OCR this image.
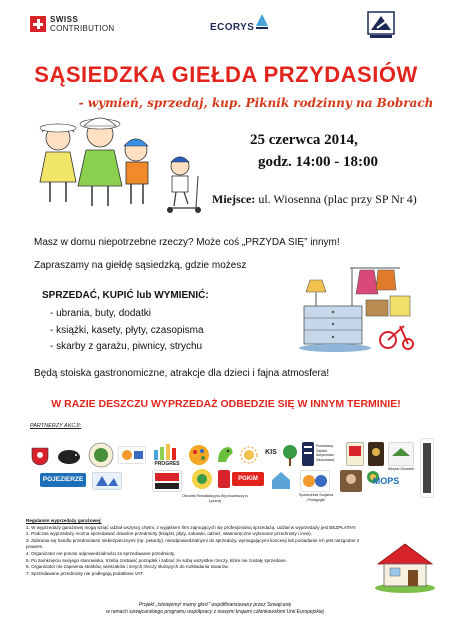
SWISS
CONTRIBUTION	ECORYS
SĄSIEDZKA GIEŁDA PRZYDASIÓW
- wymień, sprzedaj, kup. Piknik rodzinny na Bobrach
25 czerwca 2014,
godz. 14:00 - 18:00
Miejsce: ul. Wiosenna (plac przy SP Nr 4)
Masz w domu niepotrzebne rzeczy? Może coś „PRZYDA SIĘ” innym!
Zapraszamy na giełdę sąsiedzką, gdzie możesz
SPRZEDAĆ, KUPIĆ lub WYMIENIĆ:
- ubrania, buty, dodatki
- książki, kasety, płyty, czasopisma
- skarby z garażu, piwnicy, strychu
Będą stoiska gastronomiczne, atrakcje dla dzieci i fajna atmosfera!
W RAZIE DESZCZU WYPRZEDAŻ ODBEDZIE SIĘ W INNYM TERMINIE!
PARTNERZY AKCJI:
PROGRES
KIS
Powiatowy Zakład Aktywności Zawodowej
Wiejski Ośrodek
POJEZIERZE	PGKiM
Spółdzielnia Socjalna „Pedagogik”
MOPS
Ośrodek Rewalidacyjno-Wychowawczy w Łęcznej
Regulamin wyprzedaży garażowej:
1. W wyprzedaży garażowej mogą wziąć udział wszyscy chętni, z wyjątkiem firm zajmujących się profesjonalną sprzedażą. Udział w wyprzedaży jest BEZPŁATNY.
2. Podczas wyprzedaży można sprzedawać dowolne przedmioty (książki, płyty, zabawki, odzież, własnoręczne wykonane przedmioty i inne).
3. Zabrania się handlu przedmiotami niebezpiecznymi (np. petardy), nieodpowiedzialnymi do sprzedaży, wymagającymi koncesji lub posiadanie ich jest niezgodne z prawem.
4. Organizator nie ponosi odpowiedzialności za sprzedawane przedmioty.
5. Po zamknięciu swojego stanowiska, trzeba zostawić porządek i zabrać ze sobą wszystkie rzeczy, które nie zostały sprzedane.
6. Organizator nie zapewnia stolików, wieszaków i innych rzeczy służących do rozkładania towarów.
7. Sprzedawane przedmioty nie podlegają podatkowi VAT.
Projekt „Istniejemy! mamy głos!” współfinansowany przez Szwajcarię
w ramach szwajcarskiego programu współpracy z nowymi krajami członkowskimi Unii Europejskiej
